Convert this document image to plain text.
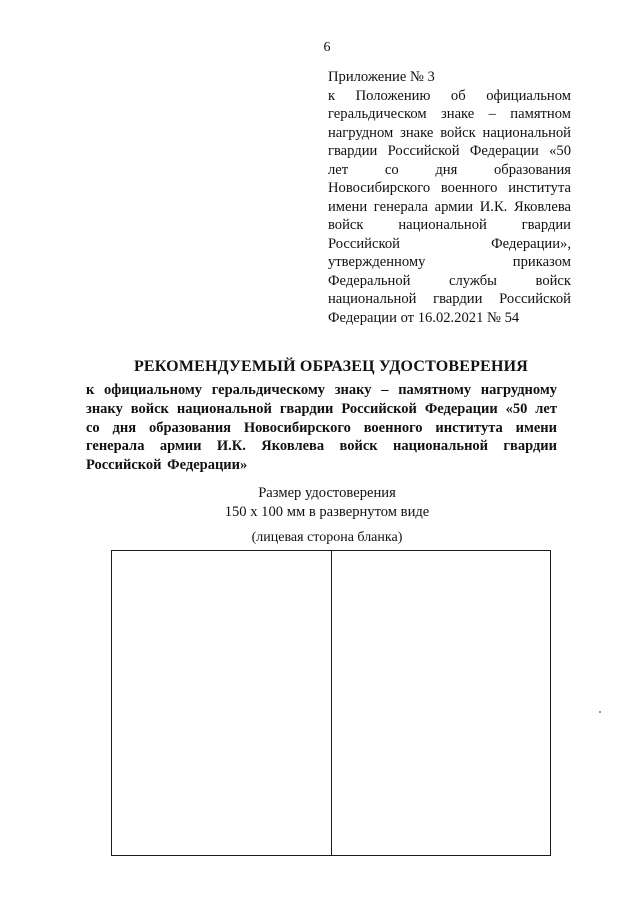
6
Приложение № 3
к Положению об официальном геральдическом знаке – памятном нагрудном знаке войск национальной гвардии Российской Федерации «50 лет со дня образования Новосибирского военного института имени генерала армии И.К. Яковлева войск национальной гвардии Российской Федерации», утвержденному приказом Федеральной службы войск национальной гвардии Российской Федерации от 16.02.2021 № 54
РЕКОМЕНДУЕМЫЙ ОБРАЗЕЦ УДОСТОВЕРЕНИЯ
к официальному геральдическому знаку – памятному нагрудному знаку войск национальной гвардии Российской Федерации «50 лет со дня образования Новосибирского военного института имени генерала армии И.К. Яковлева войск национальной гвардии Российской Федерации»
Размер удостоверения
150 х 100 мм в развернутом виде
(лицевая сторона бланка)
